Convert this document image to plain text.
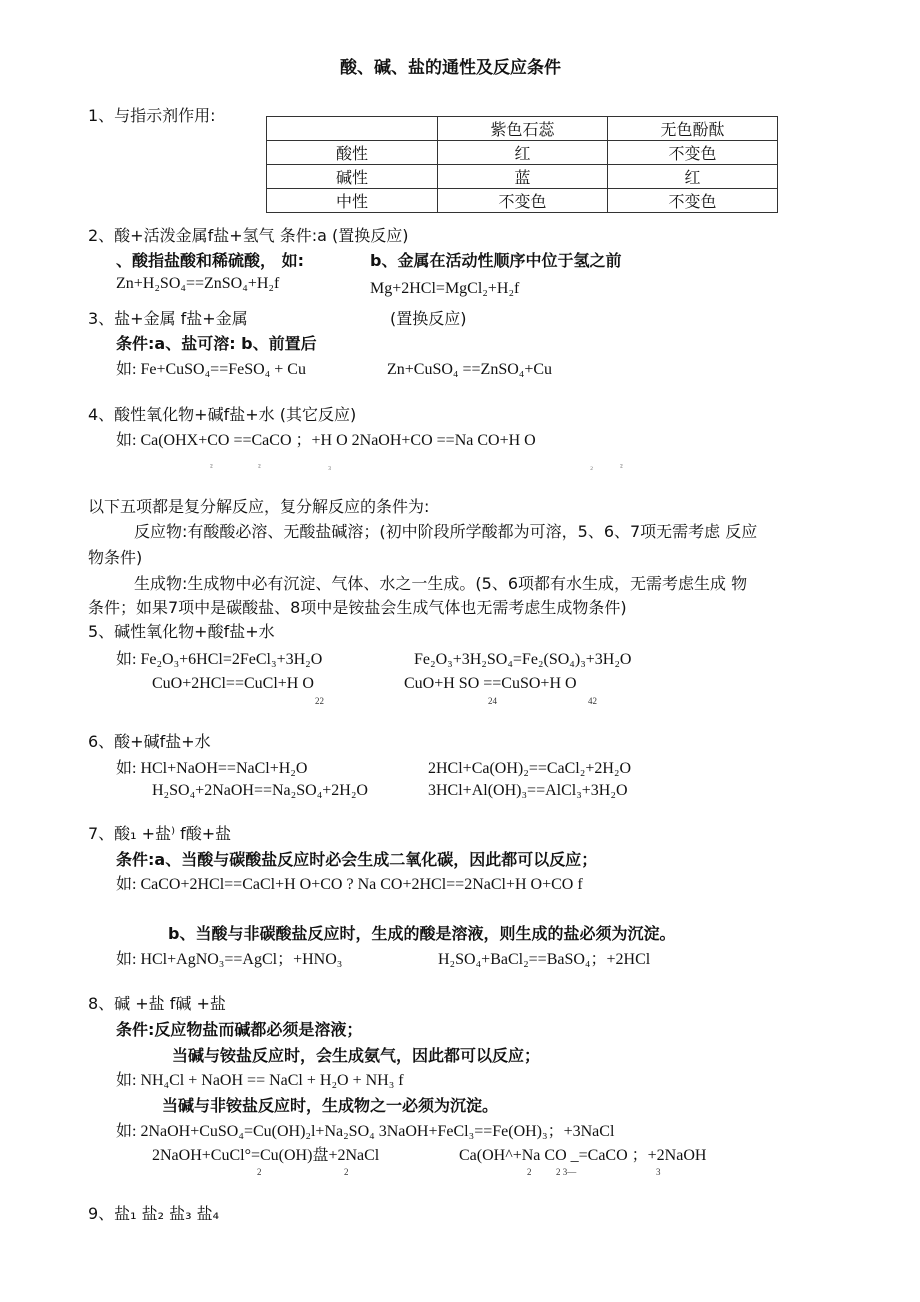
酸、碱、盐的通性及反应条件
1、与指示剂作用:
	紫色石蕊	无色酚酞
酸性	红	不变色
碱性	蓝	红
中性	不变色	不变色
2、酸+活泼金属f盐+氢气 条件:a (置换反应)
、酸指盐酸和稀硫酸， 如:	b、金属在活动性顺序中位于氢之前
Zn+H₂SO₄==ZnSO₄+H₂f	Mg+2HCl=MgCl₂+H₂f
3、盐+金属 f盐+金属	(置换反应)
条件:a、盐可溶: b、前置后
如: Fe+CuSO₄==FeSO₄ + Cu	Zn+CuSO₄ ==ZnSO₄+Cu
4、酸性氧化物+碱f盐+水 (其它反应)
如: Ca(OHX+CO ==CaCO ；+H O 2NaOH+CO ==Na CO+H O
²	²	₃	₂	²
以下五项都是复分解反应，复分解反应的条件为:
反应物:有酸酸必溶、无酸盐碱溶；(初中阶段所学酸都为可溶，5、6、7项无需考虑 反应
物条件)
生成物:生成物中必有沉淀、气体、水之一生成。(5、6项都有水生成，无需考虑生成 物
条件；如果7项中是碳酸盐、8项中是铵盐会生成气体也无需考虑生成物条件)
5、碱性氧化物+酸f盐+水
如: Fe₂O₃+6HCl=2FeCl₃+3H₂O	Fe₂O₃+3H₂SO₄=Fe₂(SO₄)₃+3H₂O
CuO+2HCl==CuCl+H O	CuO+H SO ==CuSO+H O
22	24	42
6、酸+碱f盐+水
如: HCl+NaOH==NaCl+H₂O	2HCl+Ca(OH)₂==CaCl₂+2H₂O
H₂SO₄+2NaOH==Na₂SO₄+2H₂O	3HCl+Al(OH)₃==AlCl₃+3H₂O
7、酸₁ +盐⁾ f酸+盐
条件:a、当酸与碳酸盐反应时必会生成二氧化碳，因此都可以反应；
如: CaCO+2HCl==CaCl+H O+CO ? Na CO+2HCl==2NaCl+H O+CO f
b、当酸与非碳酸盐反应时，生成的酸是溶液，则生成的盐必须为沉淀。
如: HCl+AgNO₃==AgCl；+HNO₃	H₂SO₄+BaCl₂==BaSO₄；+2HCl
8、碱 +盐 f碱 +盐
条件:反应物盐而碱都必须是溶液；
当碱与铵盐反应时，会生成氨气，因此都可以反应；
如: NH₄Cl + NaOH == NaCl + H₂O + NH₃ f
当碱与非铵盐反应时，生成物之一必须为沉淀。
如: 2NaOH+CuSO₄=Cu(OH)₂l+Na₂SO₄ 3NaOH+FeCl₃==Fe(OH)₃；+3NaCl
2NaOH+CuCl°=Cu(OH)盘+2NaCl	Ca(OH^+Na CO _=CaCO ；+2NaOH
2	2	2	2 3—	3
9、盐₁ 盐₂ 盐₃ 盐₄
